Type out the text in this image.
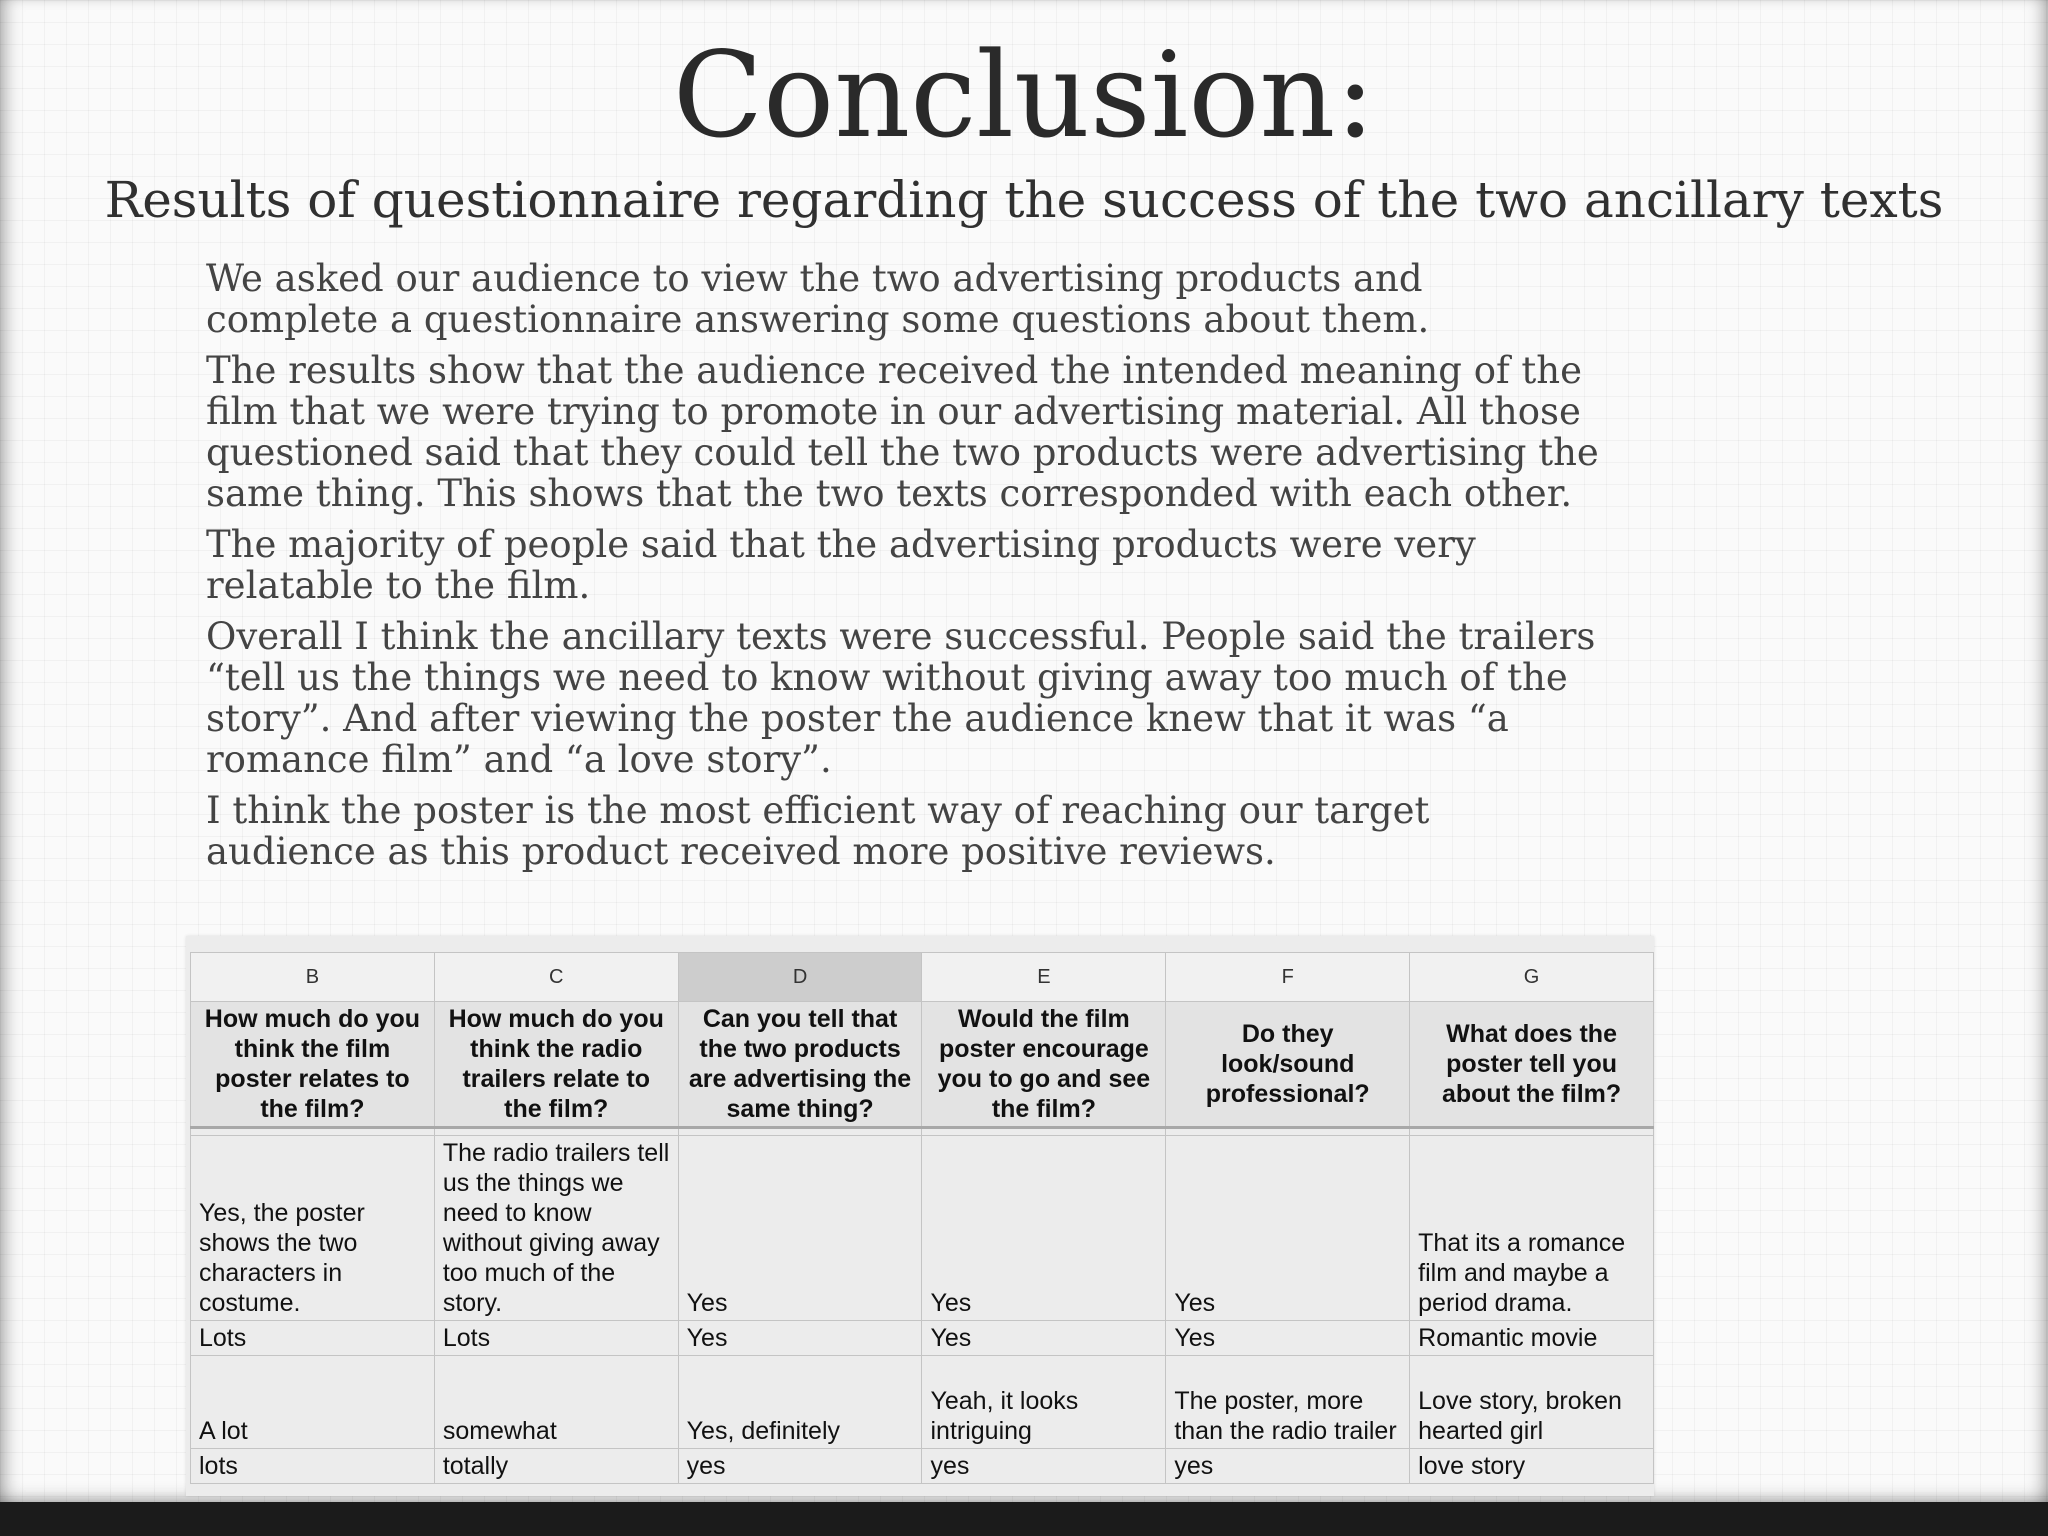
Conclusion:
Results of questionnaire regarding the success of the two ancillary texts

We asked our audience to view the two advertising products and complete a questionnaire answering some questions about them.

The results show that the audience received the intended meaning of the film that we were trying to promote in our advertising material. All those questioned said that they could tell the two products were advertising the same thing. This shows that the two texts corresponded with each other.

The majority of people said that the advertising products were very relatable to the film.

Overall I think the ancillary texts were successful. People said the trailers “tell us the things we need to know without giving away too much of the story”. And after viewing the poster the audience knew that it was “a romance film” and “a love story”.

I think the poster is the most efficient way of reaching our target audience as this product received more positive reviews.

B	C	D	E	F	G
How much do you think the film poster relates to the film?	How much do you think the radio trailers relate to the film?	Can you tell that the two products are advertising the same thing?	Would the film poster encourage you to go and see the film?	Do they look/sound professional?	What does the poster tell you about the film?

Yes, the poster shows the two characters in costume.	The radio trailers tell us the things we need to know without giving away too much of the story.	Yes	Yes	Yes	That its a romance film and maybe a period drama.
Lots	Lots	Yes	Yes	Yes	Romantic movie
A lot	somewhat	Yes, definitely	Yeah, it looks intriguing	The poster, more than the radio trailer	Love story, broken hearted girl
lots	totally	yes	yes	yes	love story
